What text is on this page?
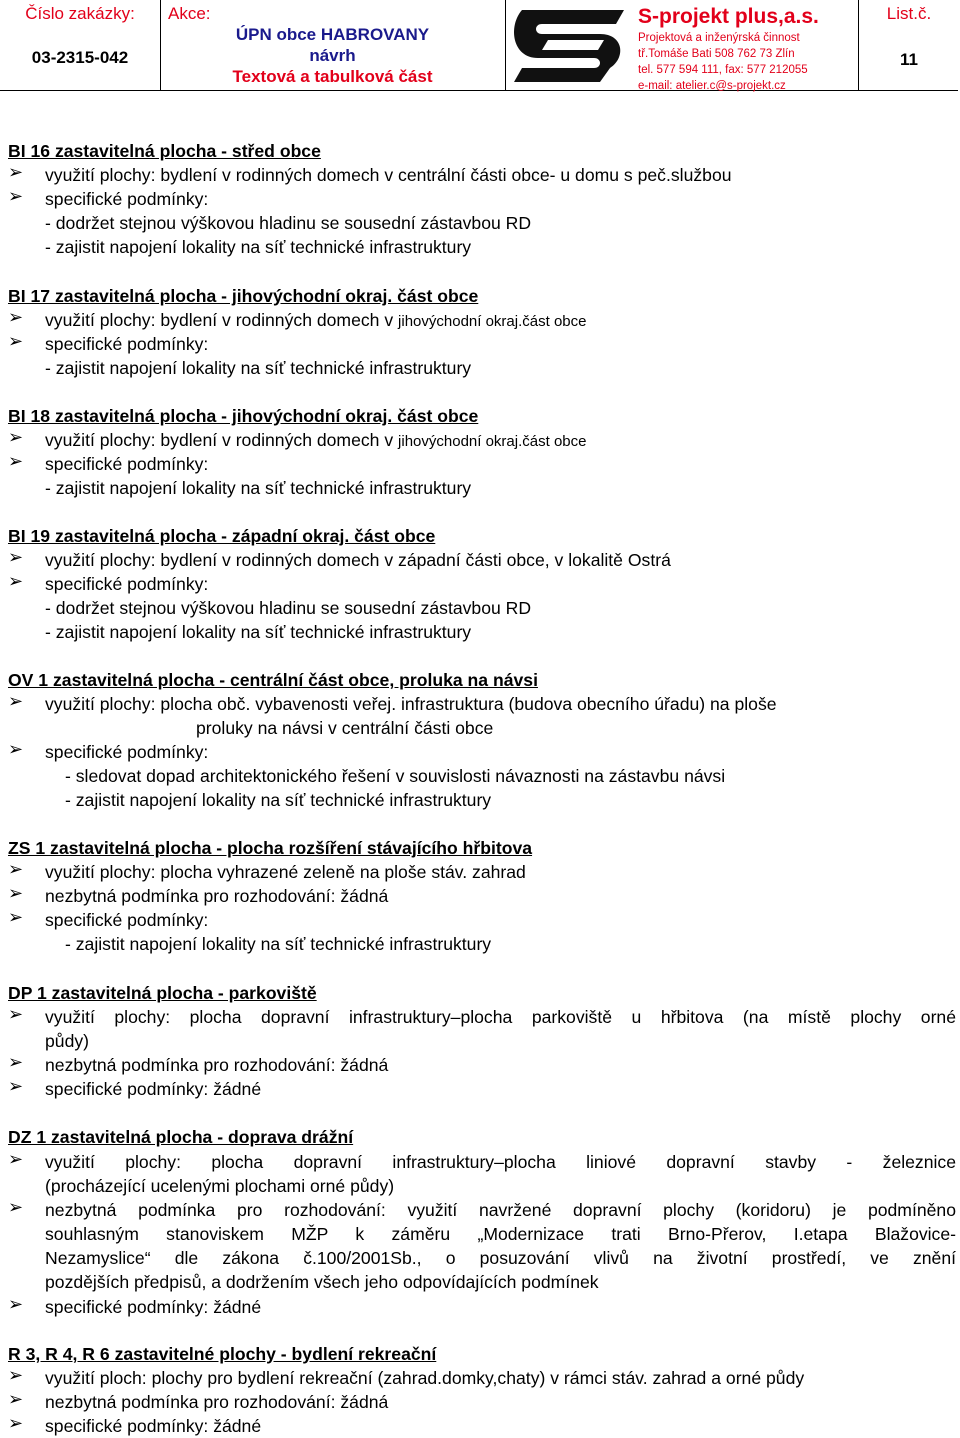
Číslo zakázky:
03-2315-042
Akce:
ÚPN obce HABROVANY
návrh
Textová a tabulková část
S-projekt plus,a.s.
Projektová a inženýrská činnost
tř.Tomáše Bati 508 762 73 Zlín
tel. 577 594 111, fax: 577 212055
e-mail: atelier.c@s-projekt.cz
List.č.
11
BI 16 zastavitelná plocha - střed obce
➢ využití plochy: bydlení v rodinných domech v centrální části obce- u domu s peč.službou
➢ specifické podmínky:
- dodržet stejnou výškovou hladinu se sousední zástavbou RD
- zajistit napojení lokality na síť technické infrastruktury
BI 17 zastavitelná plocha - jihovýchodní okraj. část obce
➢ využití plochy: bydlení v rodinných domech v jihovýchodní okraj.část obce
➢ specifické podmínky:
- zajistit napojení lokality na síť technické infrastruktury
BI 18 zastavitelná plocha - jihovýchodní okraj. část obce
➢ využití plochy: bydlení v rodinných domech v jihovýchodní okraj.část obce
➢ specifické podmínky:
- zajistit napojení lokality na síť technické infrastruktury
BI 19 zastavitelná plocha - západní okraj. část obce
➢ využití plochy: bydlení v rodinných domech v západní části obce, v lokalitě Ostrá
➢ specifické podmínky:
- dodržet stejnou výškovou hladinu se sousední zástavbou RD
- zajistit napojení lokality na síť technické infrastruktury
OV 1 zastavitelná plocha - centrální část obce, proluka na návsi
➢ využití plochy: plocha obč. vybavenosti veřej. infrastruktura (budova obecního úřadu) na ploše
proluky na návsi v centrální části obce
➢ specifické podmínky:
- sledovat dopad architektonického řešení v souvislosti návaznosti na zástavbu návsi
- zajistit napojení lokality na síť technické infrastruktury
ZS 1 zastavitelná plocha - plocha rozšíření stávajícího hřbitova
➢ využití plochy: plocha vyhrazené zeleně na ploše stáv. zahrad
➢ nezbytná podmínka pro rozhodování: žádná
➢ specifické podmínky:
- zajistit napojení lokality na síť technické infrastruktury
DP 1 zastavitelná plocha - parkoviště
➢ využití plochy: plocha dopravní infrastruktury–plocha parkoviště u hřbitova (na místě plochy orné
půdy)
➢ nezbytná podmínka pro rozhodování: žádná
➢ specifické podmínky: žádné
DZ 1 zastavitelná plocha - doprava drážní
➢ využití plochy: plocha dopravní infrastruktury–plocha liniové dopravní stavby - železnice
(procházející ucelenými plochami orné půdy)
➢ nezbytná podmínka pro rozhodování: využití navržené dopravní plochy (koridoru) je podmíněno
souhlasným stanoviskem MŽP k záměru „Modernizace trati Brno-Přerov, I.etapa Blažovice-
Nezamyslice“ dle zákona č.100/2001Sb., o posuzování vlivů na životní prostředí, ve znění
pozdějších předpisů, a dodržením všech jeho odpovídajících podmínek
➢ specifické podmínky: žádné
R 3, R 4, R 6 zastavitelné plochy - bydlení rekreační
➢ využití ploch: plochy pro bydlení rekreační (zahrad.domky,chaty) v rámci stáv. zahrad a orné půdy
➢ nezbytná podmínka pro rozhodování: žádná
➢ specifické podmínky: žádné
